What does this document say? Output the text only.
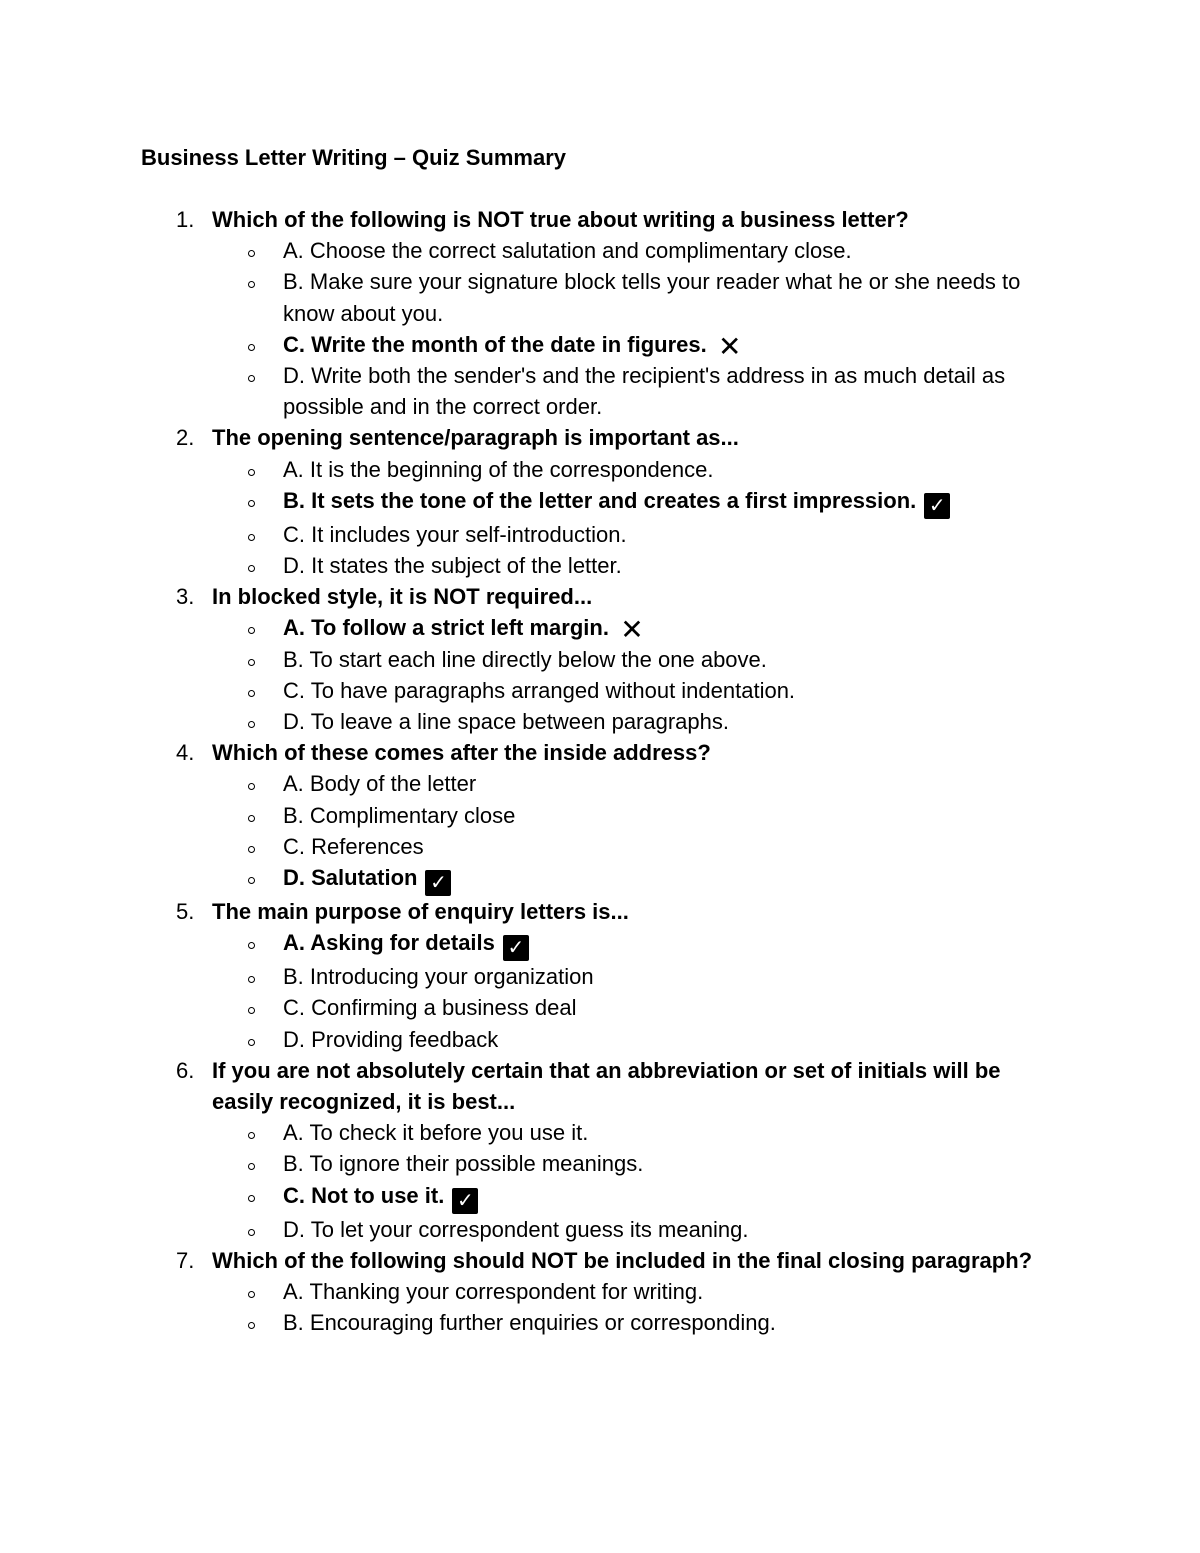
Business Letter Writing – Quiz Summary
1. Which of the following is NOT true about writing a business letter?
A. Choose the correct salutation and complimentary close.
B. Make sure your signature block tells your reader what he or she needs to know about you.
C. Write the month of the date in figures. ✕
D. Write both the sender's and the recipient's address in as much detail as possible and in the correct order.
2. The opening sentence/paragraph is important as...
A. It is the beginning of the correspondence.
B. It sets the tone of the letter and creates a first impression. ✓
C. It includes your self-introduction.
D. It states the subject of the letter.
3. In blocked style, it is NOT required...
A. To follow a strict left margin. ✕
B. To start each line directly below the one above.
C. To have paragraphs arranged without indentation.
D. To leave a line space between paragraphs.
4. Which of these comes after the inside address?
A. Body of the letter
B. Complimentary close
C. References
D. Salutation ✓
5. The main purpose of enquiry letters is...
A. Asking for details ✓
B. Introducing your organization
C. Confirming a business deal
D. Providing feedback
6. If you are not absolutely certain that an abbreviation or set of initials will be easily recognized, it is best...
A. To check it before you use it.
B. To ignore their possible meanings.
C. Not to use it. ✓
D. To let your correspondent guess its meaning.
7. Which of the following should NOT be included in the final closing paragraph?
A. Thanking your correspondent for writing.
B. Encouraging further enquiries or corresponding.
